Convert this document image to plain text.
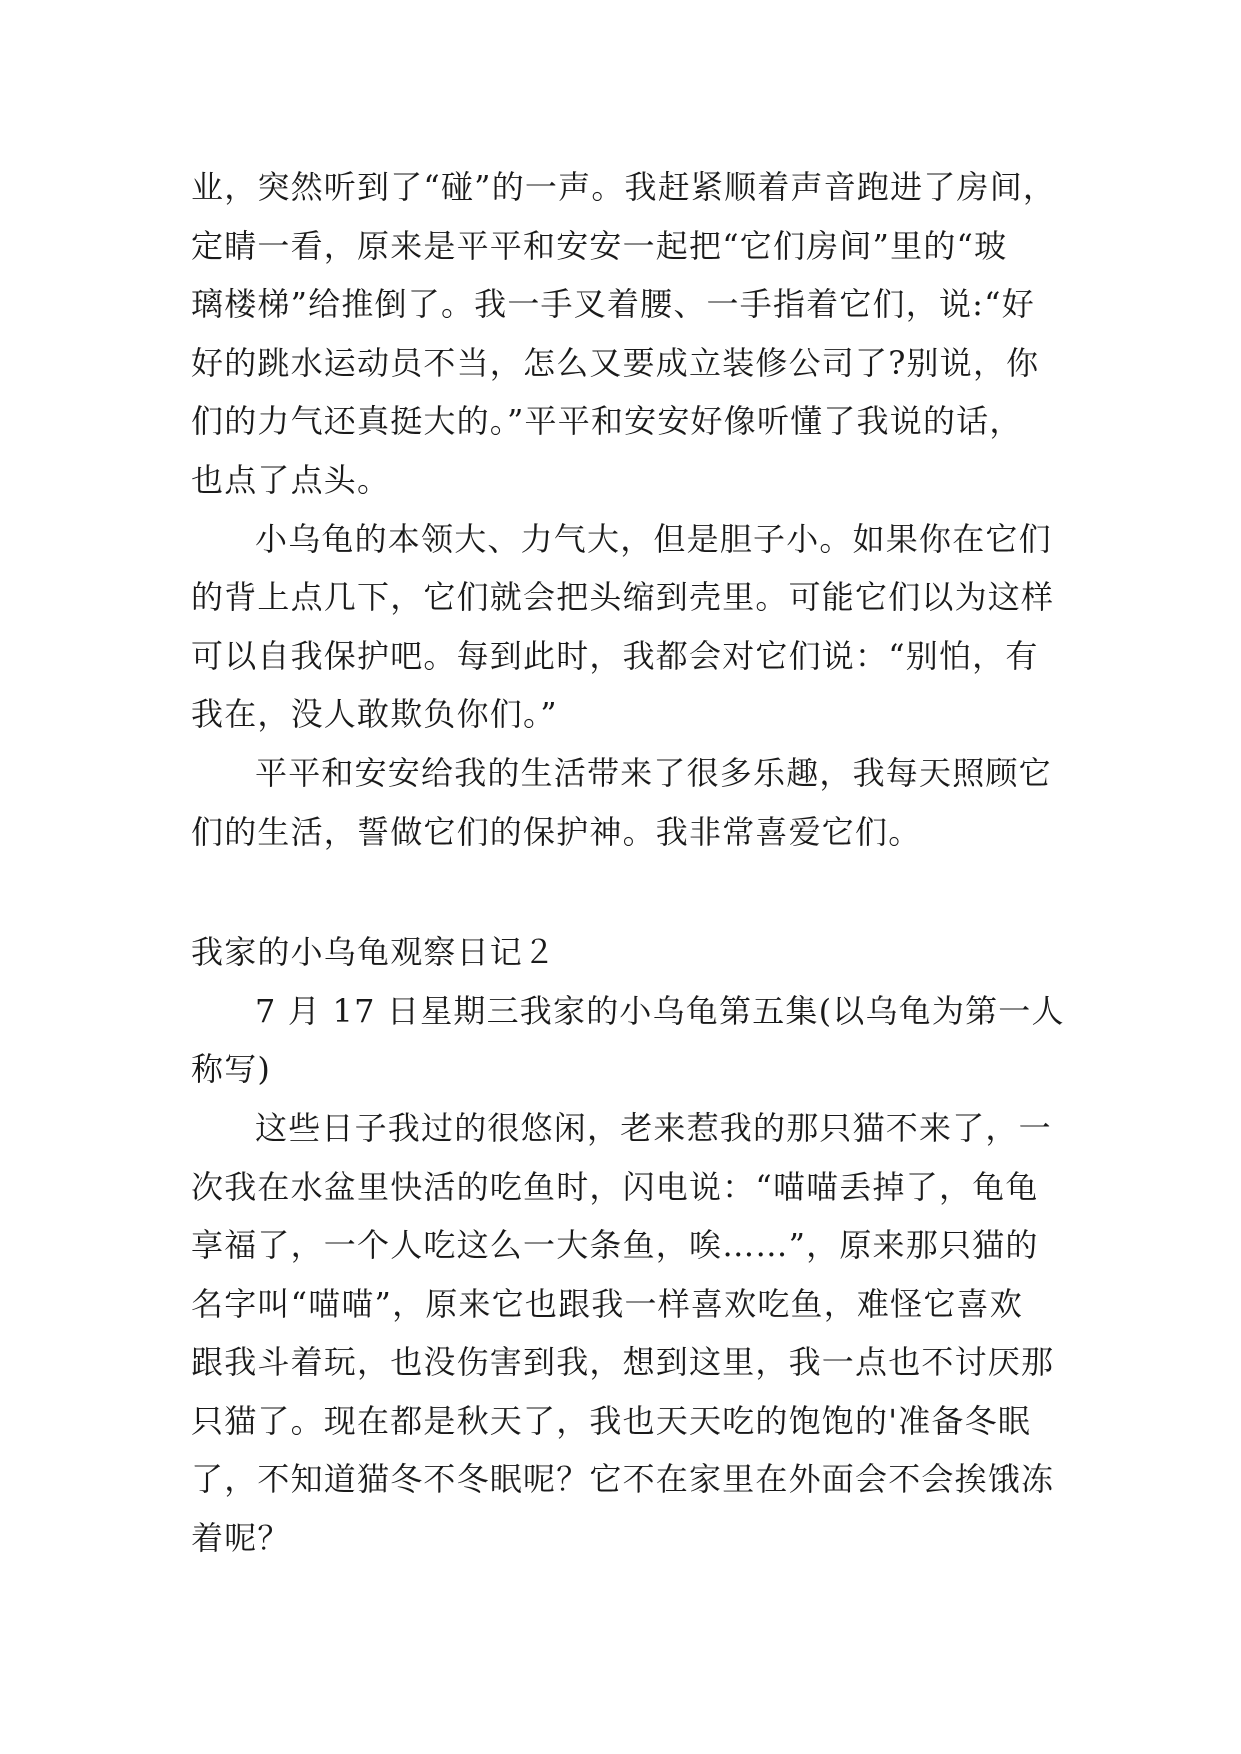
业，突然听到了“碰”的一声。我赶紧顺着声音跑进了房间，
定睛一看，原来是平平和安安一起把“它们房间”里的“玻
璃楼梯”给推倒了。我一手叉着腰、一手指着它们，说:“好
好的跳水运动员不当，怎么又要成立装修公司了?别说，你
们的力气还真挺大的。”平平和安安好像听懂了我说的话，
也点了点头。
小乌龟的本领大、力气大，但是胆子小。如果你在它们
的背上点几下，它们就会把头缩到壳里。可能它们以为这样
可以自我保护吧。每到此时，我都会对它们说：“别怕，有
我在，没人敢欺负你们。”
平平和安安给我的生活带来了很多乐趣，我每天照顾它
们的生活，誓做它们的保护神。我非常喜爱它们。
我家的小乌龟观察日记２
7 月 17 日星期三我家的小乌龟第五集(以乌龟为第一人
称写)
这些日子我过的很悠闲，老来惹我的那只猫不来了，一
次我在水盆里快活的吃鱼时，闪电说：“喵喵丢掉了，龟龟
享福了，一个人吃这么一大条鱼，唉……”，原来那只猫的
名字叫“喵喵”，原来它也跟我一样喜欢吃鱼，难怪它喜欢
跟我斗着玩，也没伤害到我，想到这里，我一点也不讨厌那
只猫了。现在都是秋天了，我也天天吃的饱饱的'准备冬眠
了，不知道猫冬不冬眠呢？它不在家里在外面会不会挨饿冻
着呢？
